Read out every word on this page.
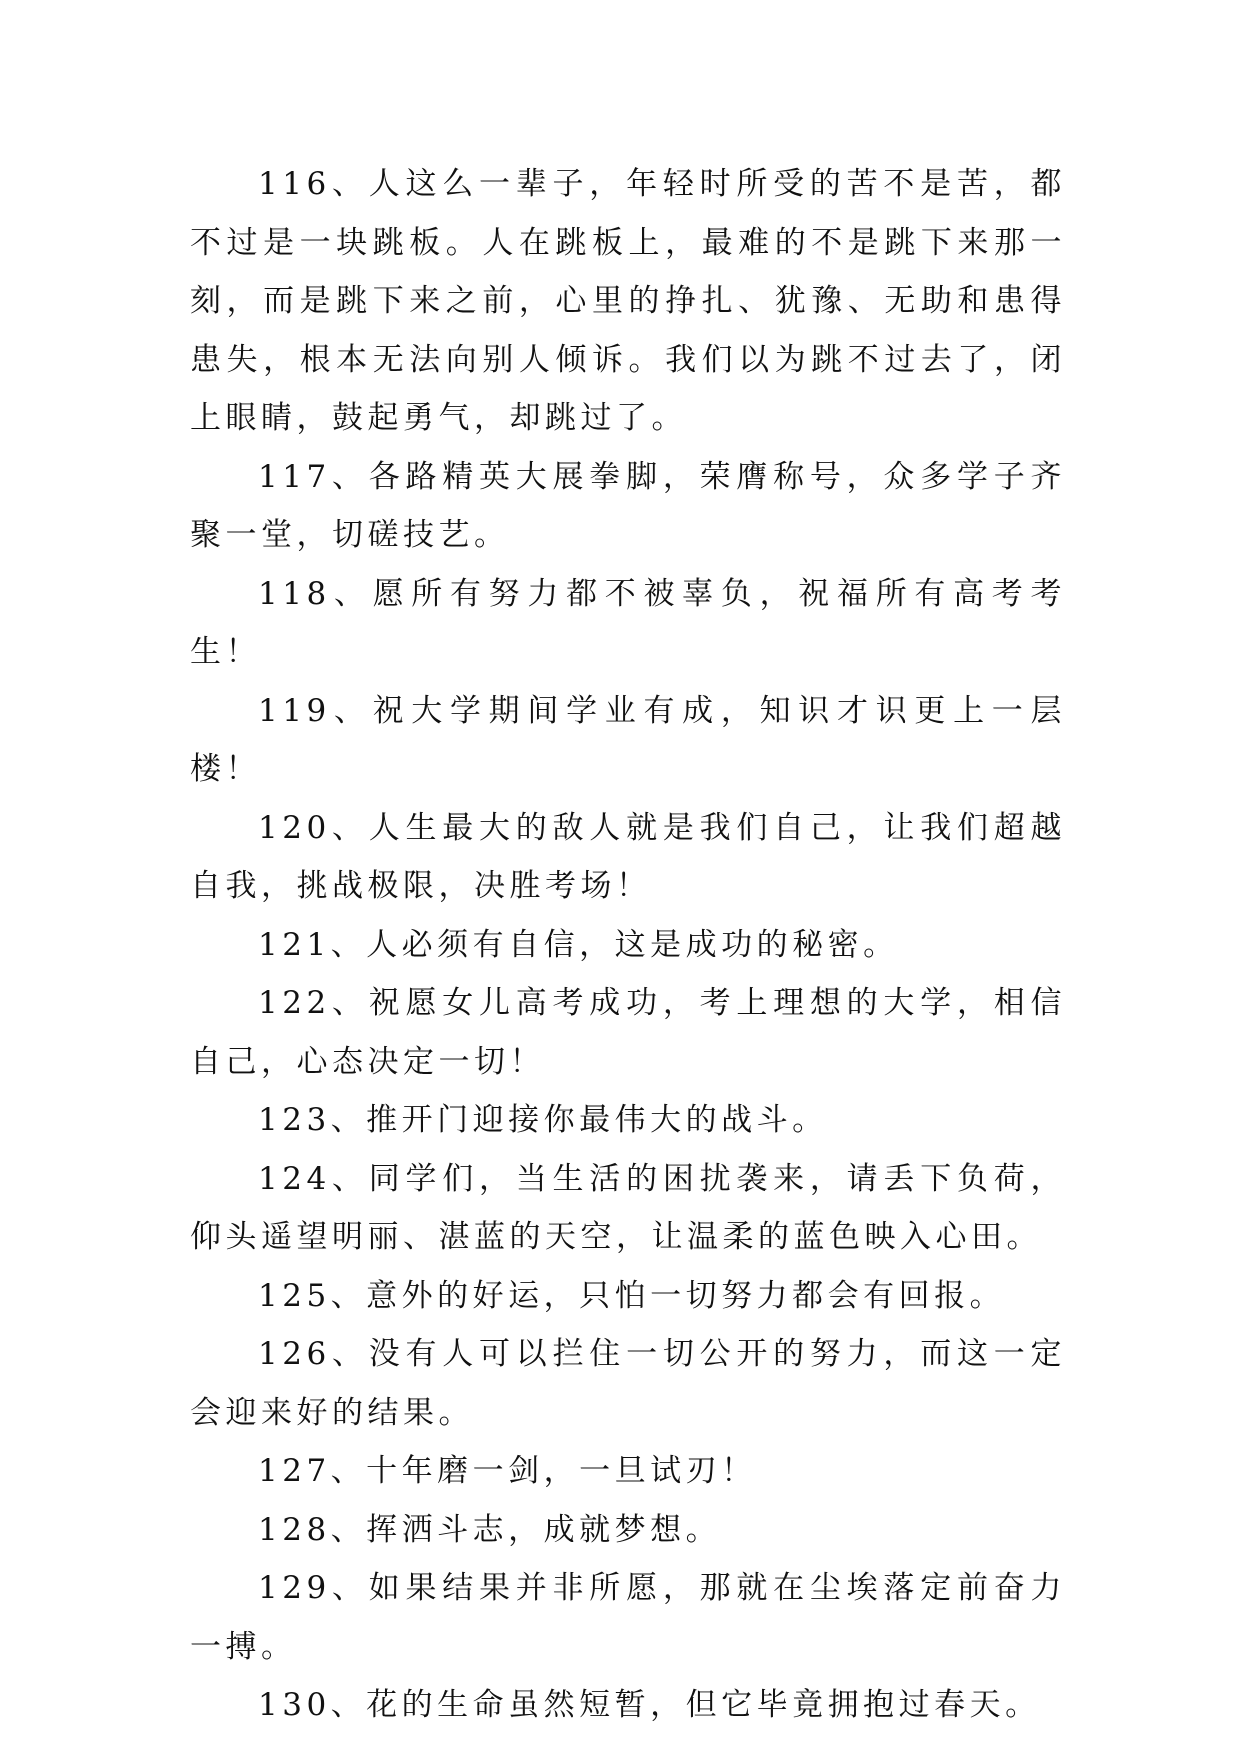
116、人这么一辈子，年轻时所受的苦不是苦，都不过是一块跳板。人在跳板上，最难的不是跳下来那一刻，而是跳下来之前，心里的挣扎、犹豫、无助和患得患失，根本无法向别人倾诉。我们以为跳不过去了，闭上眼睛，鼓起勇气，却跳过了。

117、各路精英大展拳脚，荣膺称号，众多学子齐聚一堂，切磋技艺。

118、愿所有努力都不被辜负，祝福所有高考考生！

119、祝大学期间学业有成，知识才识更上一层楼！

120、人生最大的敌人就是我们自己，让我们超越自我，挑战极限，决胜考场！

121、人必须有自信，这是成功的秘密。

122、祝愿女儿高考成功，考上理想的大学，相信自己，心态决定一切！

123、推开门迎接你最伟大的战斗。

124、同学们，当生活的困扰袭来，请丢下负荷，仰头遥望明丽、湛蓝的天空，让温柔的蓝色映入心田。

125、意外的好运，只怕一切努力都会有回报。

126、没有人可以拦住一切公开的努力，而这一定会迎来好的结果。

127、十年磨一剑，一旦试刃！

128、挥洒斗志，成就梦想。

129、如果结果并非所愿，那就在尘埃落定前奋力一搏。

130、花的生命虽然短暂，但它毕竟拥抱过春天。
